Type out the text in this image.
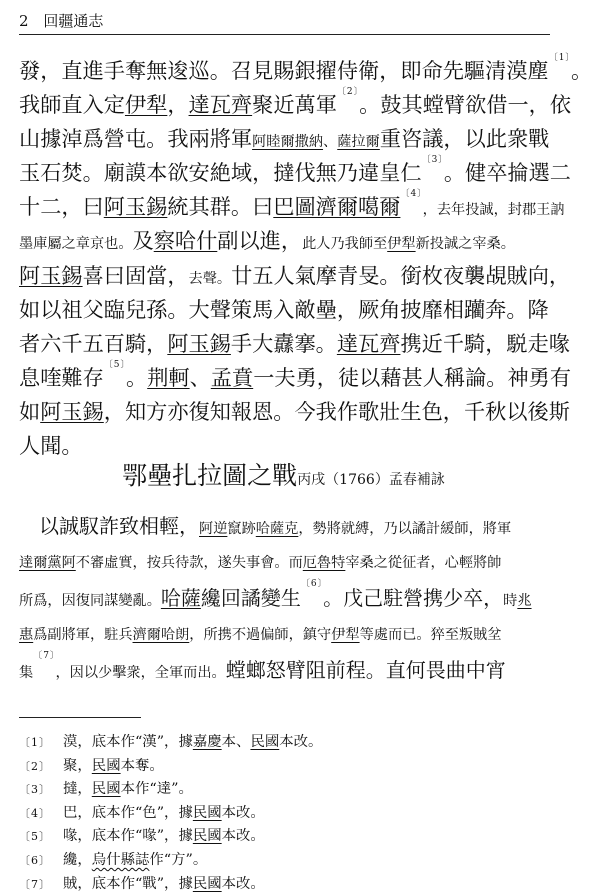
2 回疆通志
發，直進手奪無逡巡。召見賜銀擢侍衛，即命先驅清漠塵$^{〔1〕}$。
我師直入定伊犁，達瓦齊聚近萬軍$^{〔2〕}$。鼓其螳臂欲借一，依
山據淖爲營屯。我兩將軍阿睦爾撒納、薩拉爾重咨議，以此衆戰
玉石焚。廟謨本欲安絶域，撻伐無乃違皇仁$^{〔3〕}$。健卒掄選二
十二，曰阿玉錫統其群。曰巴圖濟爾噶爾$^{〔4〕}$，去年投誠，封郡王訥
墨庫屬之章京也。及察哈什副以進，此人乃我師至伊犁新投誠之宰桑。
阿玉錫喜曰固當，去聲。廿五人氣摩青旻。銜枚夜襲覘賊向，
如以祖父臨兒孫。大聲策馬入敵壘，厥角披靡相躪奔。降
者六千五百騎，阿玉錫手大纛搴。達瓦齊携近千騎，駾走喙
息喹難存$^{〔5〕}$。荆軻、孟賁一夫勇，徒以藉甚人稱論。神勇有
如阿玉錫，知方亦復知報恩。今我作歌壯生色，千秋以後斯
人聞。
鄂壘扎拉圖之戰丙戌（1766）孟春補詠
　以誠馭詐致相輕，阿逆竄跡哈薩克，勢將就縛，乃以譎計緩師，將軍
達爾黨阿不審虛實，按兵待款，遂失事會。而厄魯特宰桑之從征者，心輕將帥
所爲，因復同謀變亂。哈薩纔回譎變生$^{〔6〕}$。戊己駐營携少卒，時兆
惠爲副將軍，駐兵濟爾哈朗，所携不過偏師，鎮守伊犁等處而已。猝至叛賊坌
集$^{〔7〕}$，因以少擊衆，全軍而出。螳螂怒臂阻前程。直何畏曲中宵
〔1〕 漠，底本作“漢”，據嘉慶本、民國本改。
〔2〕 聚，民國本奪。
〔3〕 撻，民國本作“達”。
〔4〕 巴，底本作“色”，據民國本改。
〔5〕 喙，底本作“喙”，據民國本改。
〔6〕 纔，烏什縣誌作“方”。
〔7〕 賊，底本作“戰”，據民國本改。
